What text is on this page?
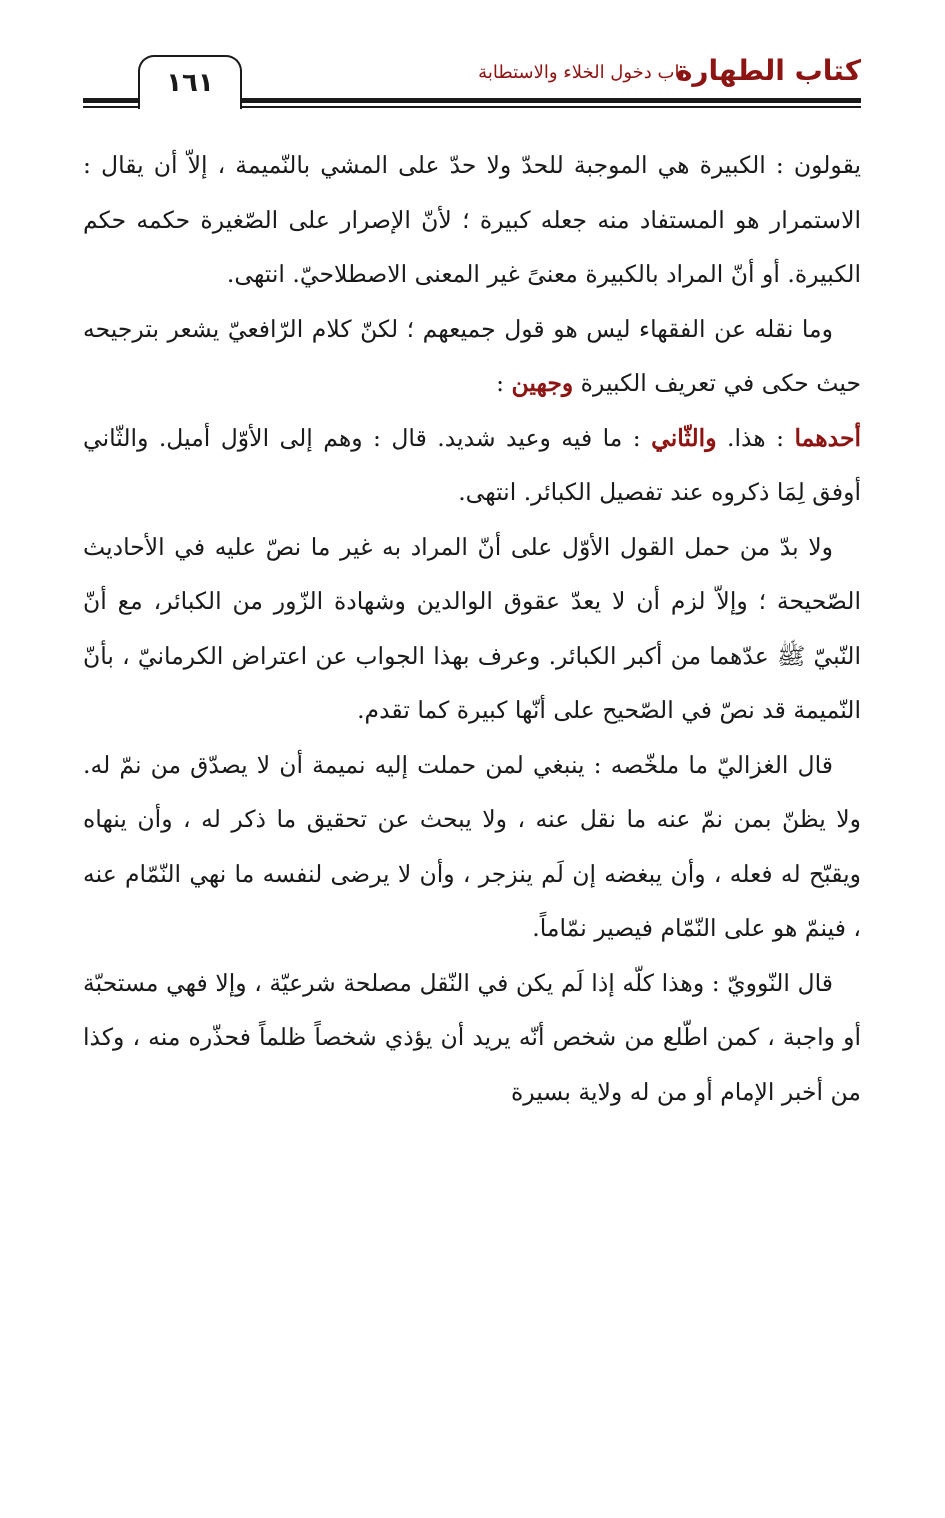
كتاب الطهارة
باب دخول الخلاء والاستطابة
١٦١

يقولون : الكبيرة هي الموجبة للحدّ ولا حدّ على المشي بالنّميمة ، إلاّ أن يقال : الاستمرار هو المستفاد منه جعله كبيرة ؛ لأنّ الإصرار على الصّغيرة حكمه حكم الكبيرة. أو أنّ المراد بالكبيرة معنىً غير المعنى الاصطلاحيّ. انتهى.

وما نقله عن الفقهاء ليس هو قول جميعهم ؛ لكنّ كلام الرّافعيّ يشعر بترجيحه حيث حكى في تعريف الكبيرة وجهين :

أحدهما : هذا. والثّاني : ما فيه وعيد شديد. قال : وهم إلى الأوّل أميل. والثّاني أوفق لِمَا ذكروه عند تفصيل الكبائر. انتهى.

ولا بدّ من حمل القول الأوّل على أنّ المراد به غير ما نصّ عليه في الأحاديث الصّحيحة ؛ وإلاّ لزم أن لا يعدّ عقوق الوالدين وشهادة الزّور من الكبائر، مع أنّ النّبيّ ﷺ عدّهما من أكبر الكبائر. وعرف بهذا الجواب عن اعتراض الكرمانيّ ، بأنّ النّميمة قد نصّ في الصّحيح على أنّها كبيرة كما تقدم.

قال الغزاليّ ما ملخّصه : ينبغي لمن حملت إليه نميمة أن لا يصدّق من نمّ له. ولا يظنّ بمن نمّ عنه ما نقل عنه ، ولا يبحث عن تحقيق ما ذكر له ، وأن ينهاه ويقبّح له فعله ، وأن يبغضه إن لَم ينزجر ، وأن لا يرضى لنفسه ما نهي النّمّام عنه ، فينمّ هو على النّمّام فيصير نمّاماً.

قال النّوويّ : وهذا كلّه إذا لَم يكن في النّقل مصلحة شرعيّة ، وإلا فهي مستحبّة أو واجبة ، كمن اطّلع من شخص أنّه يريد أن يؤذي شخصاً ظلماً فحذّره منه ، وكذا من أخبر الإمام أو من له ولاية بسيرة
